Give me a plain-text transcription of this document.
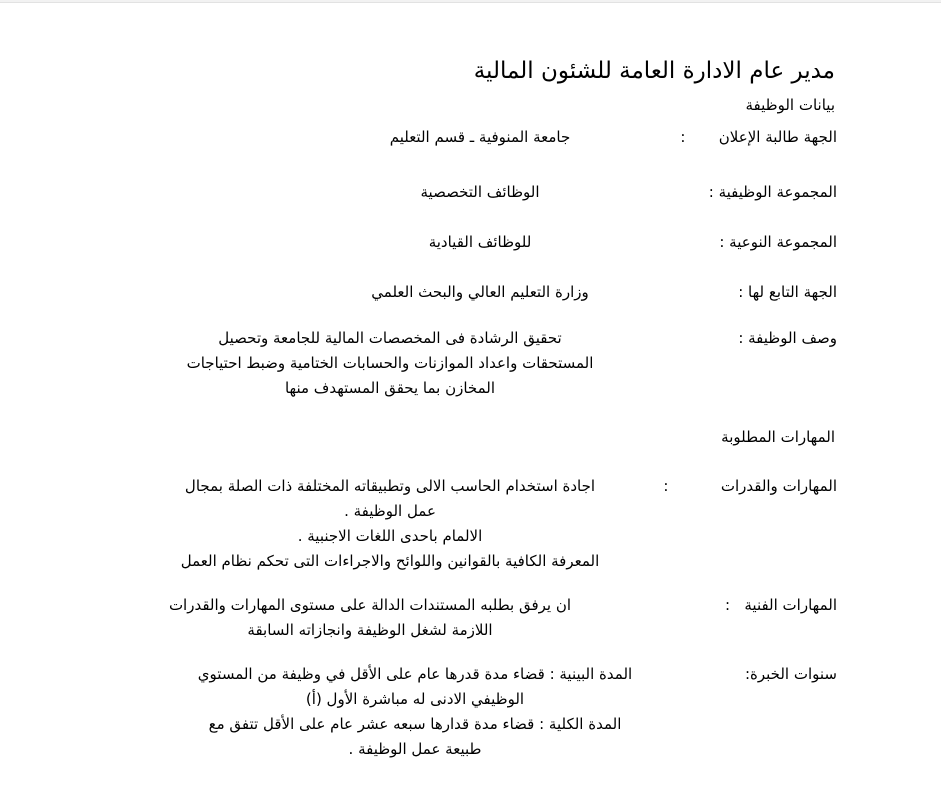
مدير عام الادارة العامة للشئون المالية
بيانات الوظيفة
الجهة طالبة الإعلان       :
جامعة المنوفية ـ قسم التعليم
المجموعة الوظيفية :
الوظائف التخصصية
المجموعة النوعية :
للوظائف القيادية
الجهة التابع لها :
وزارة التعليم العالي والبحث العلمي
وصف الوظيفة :
تحقيق الرشادة فى المخصصات المالية للجامعة وتحصيل
المستحقات واعداد الموازنات والحسابات الختامية وضبط احتياجات
المخازن بما يحقق المستهدف منها
المهارات المطلوبة
المهارات والقدرات           :
اجادة استخدام الحاسب الالى وتطبيقاته المختلفة ذات الصلة بمجال
عمل الوظيفة .
الالمام باحدى اللغات الاجنبية .
المعرفة الكافية بالقوانين واللوائح والاجراءات التى تحكم نظام العمل
المهارات الفنية   :
ان يرفق بطلبه المستندات الدالة على مستوى المهارات والقدرات
اللازمة لشغل الوظيفة وانجازاته السابقة
سنوات الخبرة:
المدة البينية : قضاء مدة قدرها عام على الأقل في وظيفة من المستوي
الوظيفي الادنى له مباشرة الأول (أ)
المدة الكلية : قضاء مدة قدارها سبعه عشر عام على الأقل تتفق مع
طبيعة عمل الوظيفة .
